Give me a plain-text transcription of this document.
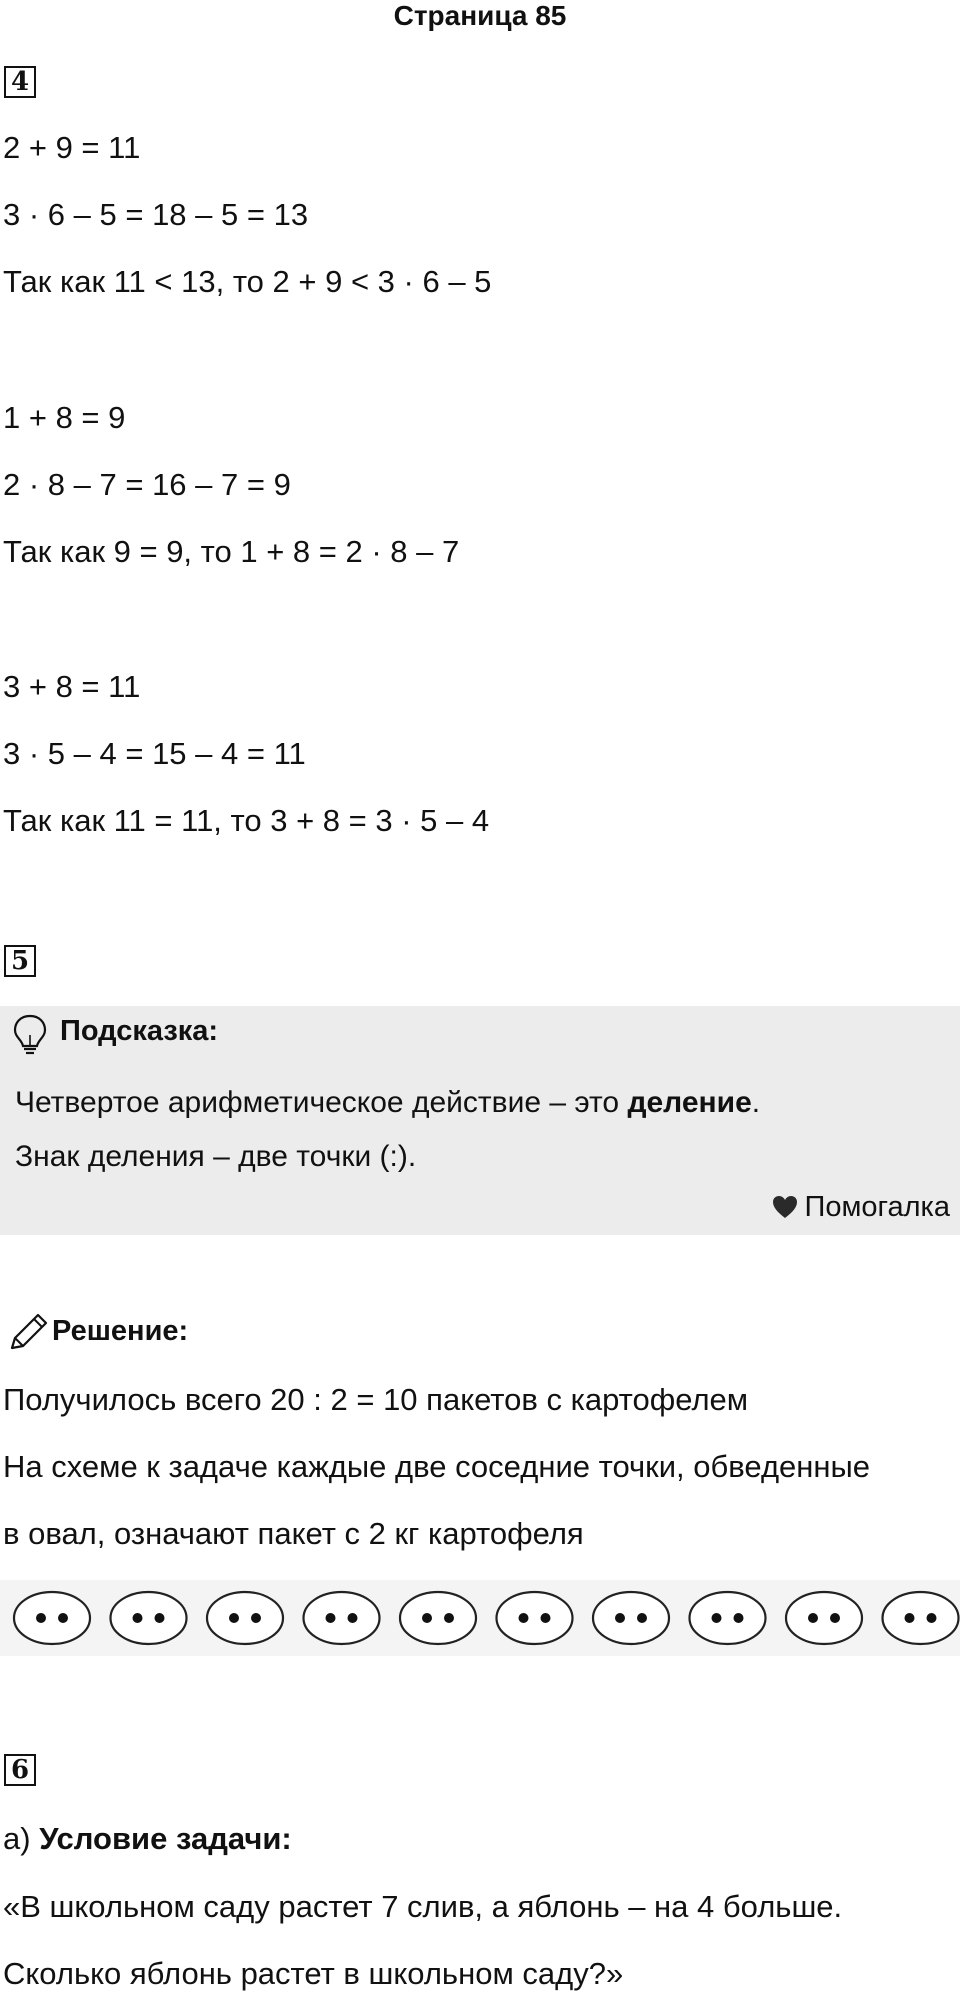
Страница 85
4
2 + 9 = 11
3 · 6 – 5 = 18 – 5 = 13
Так как 11 < 13, то 2 + 9 < 3 · 6 – 5
1 + 8 = 9
2 · 8 – 7 = 16 – 7 = 9
Так как 9 = 9, то 1 + 8 = 2 · 8 – 7
3 + 8 = 11
3 · 5 – 4 = 15 – 4 = 11
Так как 11 = 11, то 3 + 8 = 3 · 5 – 4
5
Подсказка:
Четвертое арифметическое действие – это деление.
Знак деления – две точки (:).
Помогалка
Решение:
Получилось всего 20 : 2 = 10 пакетов с картофелем
На схеме к задаче каждые две соседние точки, обведенные
в овал, означают пакет с 2 кг картофеля
6
а) Условие задачи:
«В школьном саду растет 7 слив, а яблонь – на 4 больше.
Сколько яблонь растет в школьном саду?»
